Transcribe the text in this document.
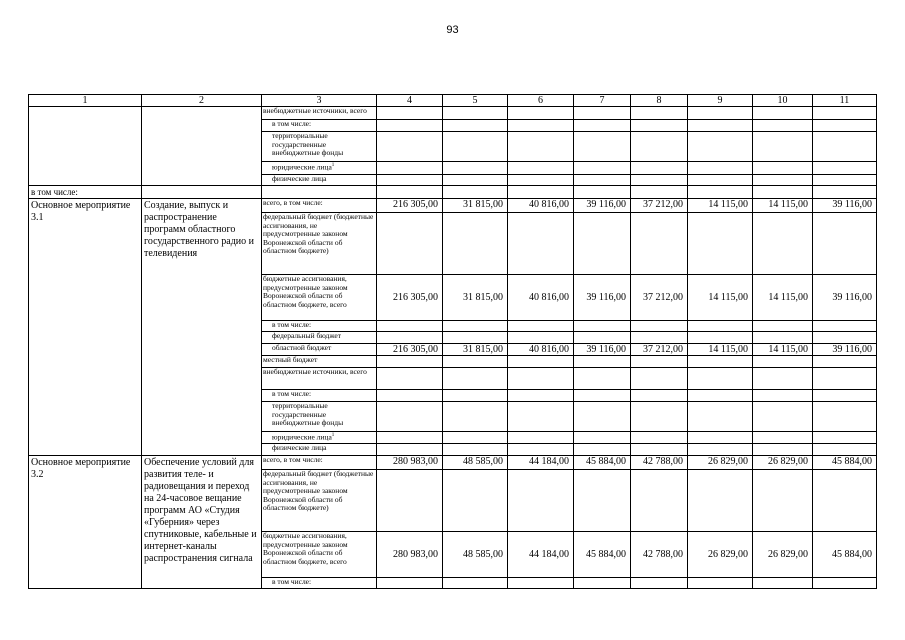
93
1	2	3	4	5	6	7	8	9	10	11
		внебюджетные источники, всего								
		в том числе:								
		территориальные государственные внебюджетные фонды								
		юридические лица$^1$								
		физические лица								
в том числе:										
Основное мероприятие 3.1	Создание, выпуск и распространение программ областного государственного радио и телевидения	всего, в том числе:	216 305,00	31 815,00	40 816,00	39 116,00	37 212,00	14 115,00	14 115,00	39 116,00
		федеральный бюджет (бюджетные ассигнования, не предусмотренные законом Воронежской области об областном бюджете)								
		бюджетные ассигнования, предусмотренные законом Воронежской области об областном бюджете, всего	216 305,00	31 815,00	40 816,00	39 116,00	37 212,00	14 115,00	14 115,00	39 116,00
		в том числе:								
		федеральный бюджет								
		областной бюджет	216 305,00	31 815,00	40 816,00	39 116,00	37 212,00	14 115,00	14 115,00	39 116,00
		местный бюджет								
		внебюджетные источники, всего								
		в том числе:								
		территориальные государственные внебюджетные фонды								
		юридические лица$^1$								
		физические лица								
Основное мероприятие 3.2	Обеспечение условий для развития теле- и радиовещания и переход на 24-часовое вещание программ АО «Студия «Губерния» через спутниковые, кабельные и интернет-каналы распространения сигнала	всего, в том числе:	280 983,00	48 585,00	44 184,00	45 884,00	42 788,00	26 829,00	26 829,00	45 884,00
		федеральный бюджет (бюджетные ассигнования, не предусмотренные законом Воронежской области об областном бюджете)								
		бюджетные ассигнования, предусмотренные законом Воронежской области об областном бюджете, всего	280 983,00	48 585,00	44 184,00	45 884,00	42 788,00	26 829,00	26 829,00	45 884,00
		в том числе:								
